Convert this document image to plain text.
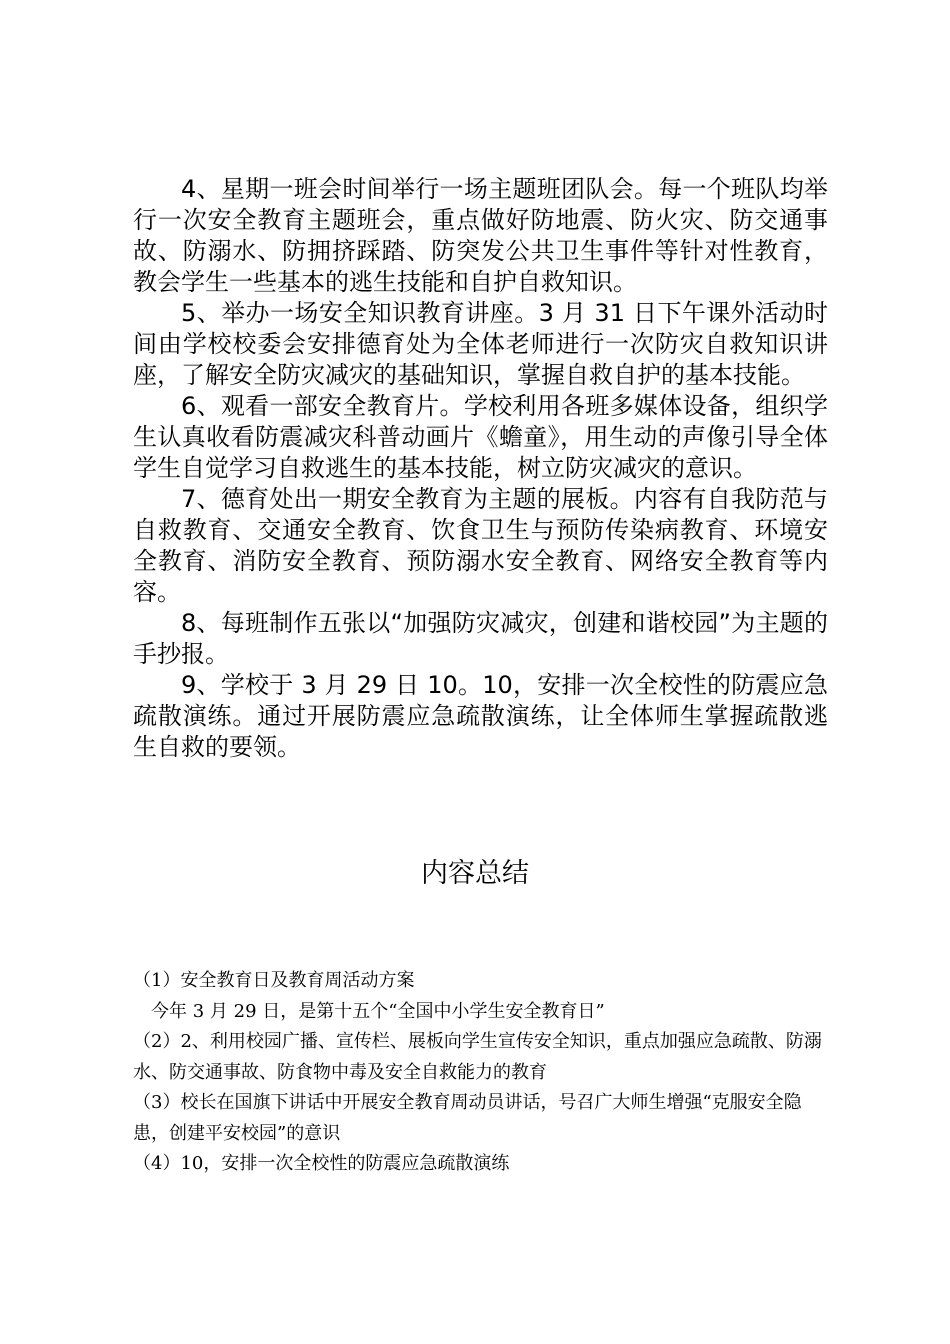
4、星期一班会时间举行一场主题班团队会。每一个班队均举行一次安全教育主题班会，重点做好防地震、防火灾、防交通事故、防溺水、防拥挤踩踏、防突发公共卫生事件等针对性教育，教会学生一些基本的逃生技能和自护自救知识。

5、举办一场安全知识教育讲座。3 月 31 日下午课外活动时间由学校校委会安排德育处为全体老师进行一次防灾自救知识讲座，了解安全防灾减灾的基础知识，掌握自救自护的基本技能。

6、观看一部安全教育片。学校利用各班多媒体设备，组织学生认真收看防震减灾科普动画片《蟾童》，用生动的声像引导全体学生自觉学习自救逃生的基本技能，树立防灾减灾的意识。

7、德育处出一期安全教育为主题的展板。内容有自我防范与自救教育、交通安全教育、饮食卫生与预防传染病教育、环境安全教育、消防安全教育、预防溺水安全教育、网络安全教育等内容。

8、每班制作五张以“加强防灾减灾，创建和谐校园”为主题的手抄报。

9、学校于 3 月 29 日 10。10，安排一次全校性的防震应急疏散演练。通过开展防震应急疏散演练，让全体师生掌握疏散逃生自救的要领。

内容总结

（1）安全教育日及教育周活动方案

今年 3 月 29 日，是第十五个“全国中小学生安全教育日”

（2）2、利用校园广播、宣传栏、展板向学生宣传安全知识，重点加强应急疏散、防溺水、防交通事故、防食物中毒及安全自救能力的教育

（3）校长在国旗下讲话中开展安全教育周动员讲话，号召广大师生增强“克服安全隐患，创建平安校园”的意识

（4）10，安排一次全校性的防震应急疏散演练
